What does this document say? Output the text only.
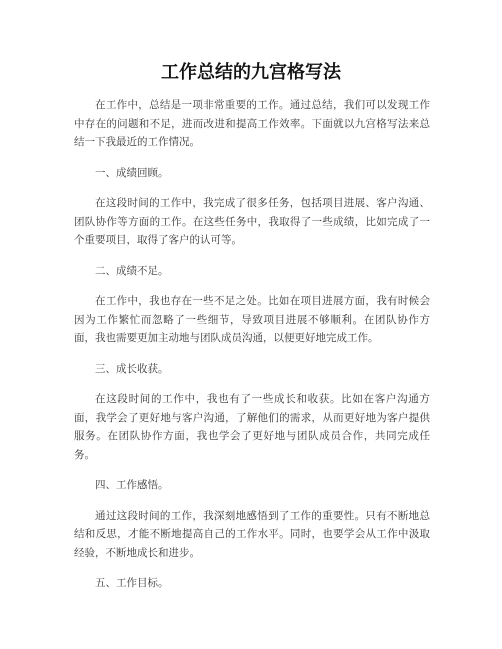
工作总结的九宫格写法

在工作中，总结是一项非常重要的工作。通过总结，我们可以发现工作中存在的问题和不足，进而改进和提高工作效率。下面就以九宫格写法来总结一下我最近的工作情况。

一、成绩回顾。

在这段时间的工作中，我完成了很多任务，包括项目进展、客户沟通、团队协作等方面的工作。在这些任务中，我取得了一些成绩，比如完成了一个重要项目，取得了客户的认可等。

二、成绩不足。

在工作中，我也存在一些不足之处。比如在项目进展方面，我有时候会因为工作繁忙而忽略了一些细节，导致项目进展不够顺利。在团队协作方面，我也需要更加主动地与团队成员沟通，以便更好地完成工作。

三、成长收获。

在这段时间的工作中，我也有了一些成长和收获。比如在客户沟通方面，我学会了更好地与客户沟通，了解他们的需求，从而更好地为客户提供服务。在团队协作方面，我也学会了更好地与团队成员合作，共同完成任务。

四、工作感悟。

通过这段时间的工作，我深刻地感悟到了工作的重要性。只有不断地总结和反思，才能不断地提高自己的工作水平。同时，也要学会从工作中汲取经验，不断地成长和进步。

五、工作目标。
